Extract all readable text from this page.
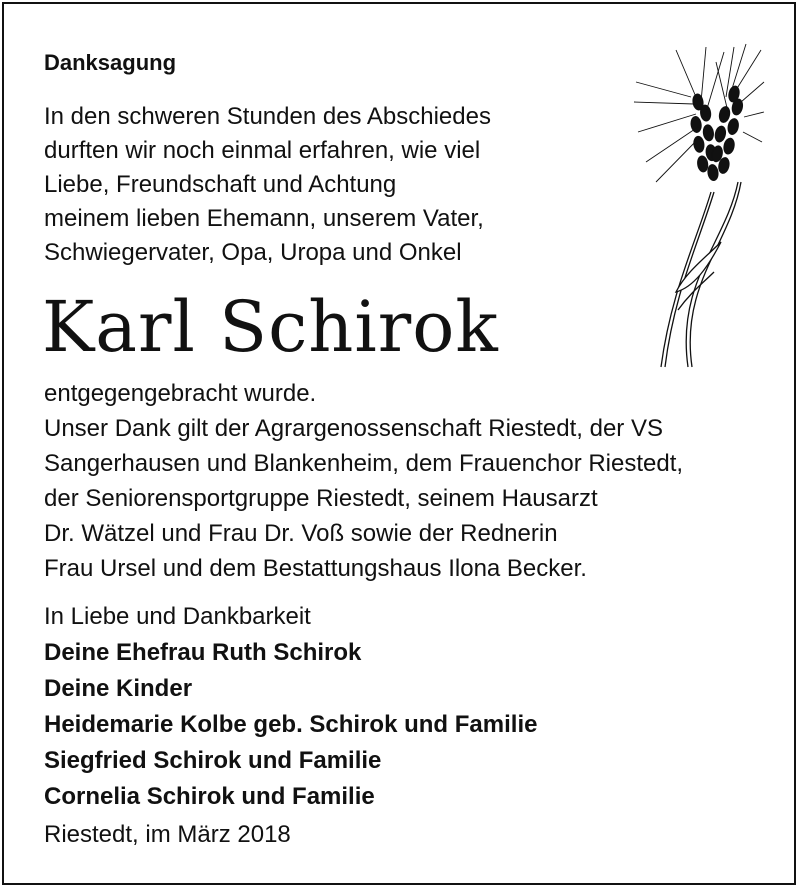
Danksagung
In den schweren Stunden des Abschiedes
durften wir noch einmal erfahren, wie viel
Liebe, Freundschaft und Achtung
meinem lieben Ehemann, unserem Vater,
Schwiegervater, Opa, Uropa und Onkel
Karl Schirok
entgegengebracht wurde.
Unser Dank gilt der Agrargenossenschaft Riestedt, der VS
Sangerhausen und Blankenheim, dem Frauenchor Riestedt,
der Seniorensportgruppe Riestedt, seinem Hausarzt
Dr. Wätzel und Frau Dr. Voß sowie der Rednerin
Frau Ursel und dem Bestattungshaus Ilona Becker.
In Liebe und Dankbarkeit
Deine Ehefrau Ruth Schirok
Deine Kinder
Heidemarie Kolbe geb. Schirok und Familie
Siegfried Schirok und Familie
Cornelia Schirok und Familie
Riestedt, im März 2018
